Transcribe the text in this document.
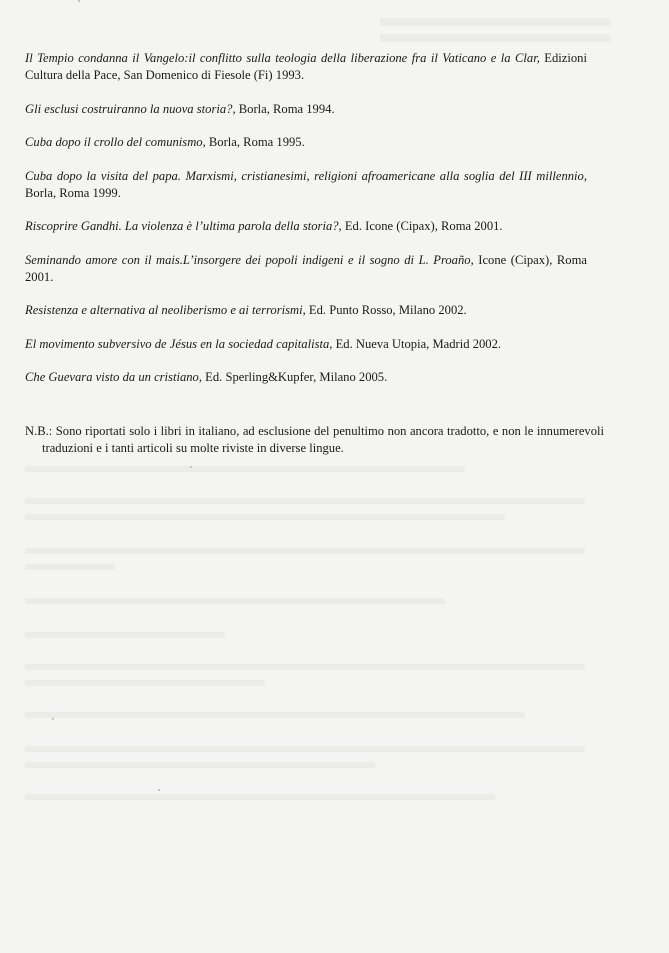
Il Tempio condanna il Vangelo:il conflitto sulla teologia della liberazione fra il Vaticano e la Clar, Edizioni Cultura della Pace, San Domenico di Fiesole (Fi) 1993.

Gli esclusi costruiranno la nuova storia?, Borla, Roma 1994.

Cuba dopo il crollo del comunismo, Borla, Roma 1995.

Cuba dopo la visita del papa. Marxismi, cristianesimi, religioni afroamericane alla soglia del III millennio, Borla, Roma 1999.

Riscoprire Gandhi. La violenza è l’ultima parola della storia?, Ed. Icone (Cipax), Roma 2001.

Seminando amore con il mais.L’insorgere dei popoli indigeni e il sogno di L. Proaño, Icone (Cipax), Roma 2001.

Resistenza e alternativa al neoliberismo e ai terrorismi, Ed. Punto Rosso, Milano 2002.

El movimento subversivo de Jésus en la sociedad capitalista, Ed. Nueva Utopia, Madrid 2002.

Che Guevara visto da un cristiano, Ed. Sperling&Kupfer, Milano 2005.

N.B.: Sono riportati solo i libri in italiano, ad esclusione del penultimo non ancora tradotto, e non le innumerevoli traduzioni e i tanti articoli su molte riviste in diverse lingue.
